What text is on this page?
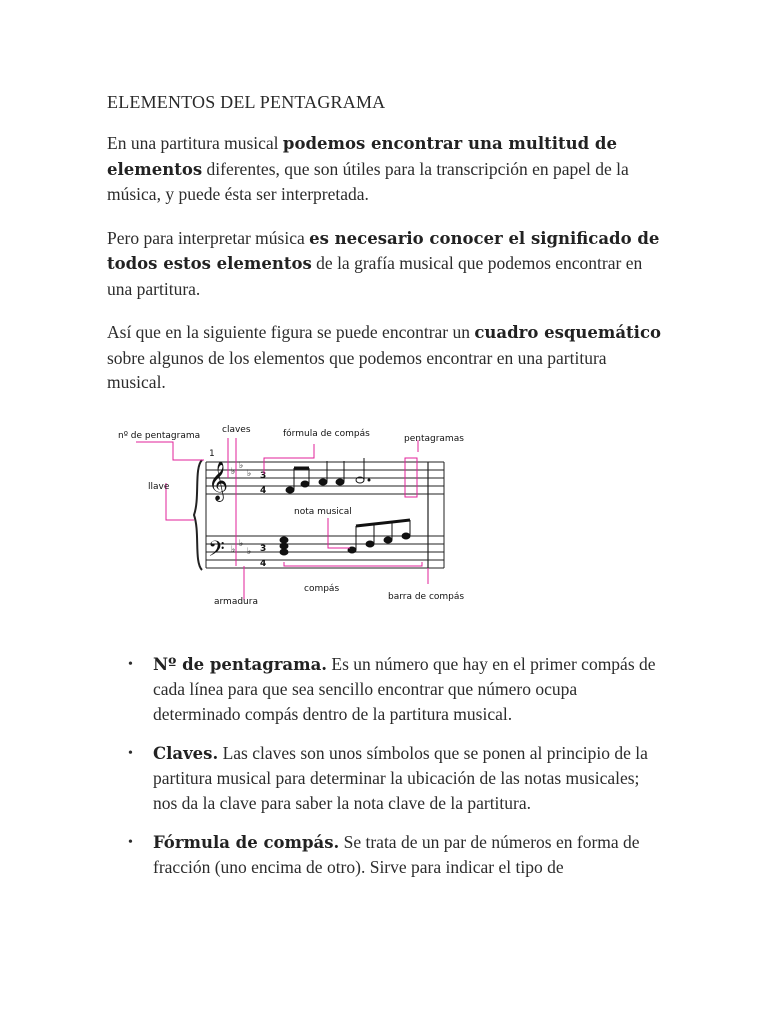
ELEMENTOS DEL PENTAGRAMA

En una partitura musical podemos encontrar una multitud de elementos diferentes, que son útiles para la transcripción en papel de la música, y puede ésta ser interpretada.

Pero para interpretar música es necesario conocer el significado de todos estos elementos de la grafía musical que podemos encontrar en una partitura.

Así que en la siguiente figura se puede encontrar un cuadro esquemático sobre algunos de los elementos que podemos encontrar en una partitura musical.

𝄞
𝄢
♭
♭
♭
♭
♭
♭
3
4
3
4
nº de pentagrama
claves	fórmula de compás	pentagramas
1
llave
nota musical
compás
barra de compás
armadura
• Nº de pentagrama. Es un número que hay en el primer compás de cada línea para que sea sencillo encontrar que número ocupa determinado compás dentro de la partitura musical.
• Claves. Las claves son unos símbolos que se ponen al principio de la partitura musical para determinar la ubicación de las notas musicales; nos da la clave para saber la nota clave de la partitura.
• Fórmula de compás. Se trata de un par de números en forma de fracción (uno encima de otro). Sirve para indicar el tipo de
